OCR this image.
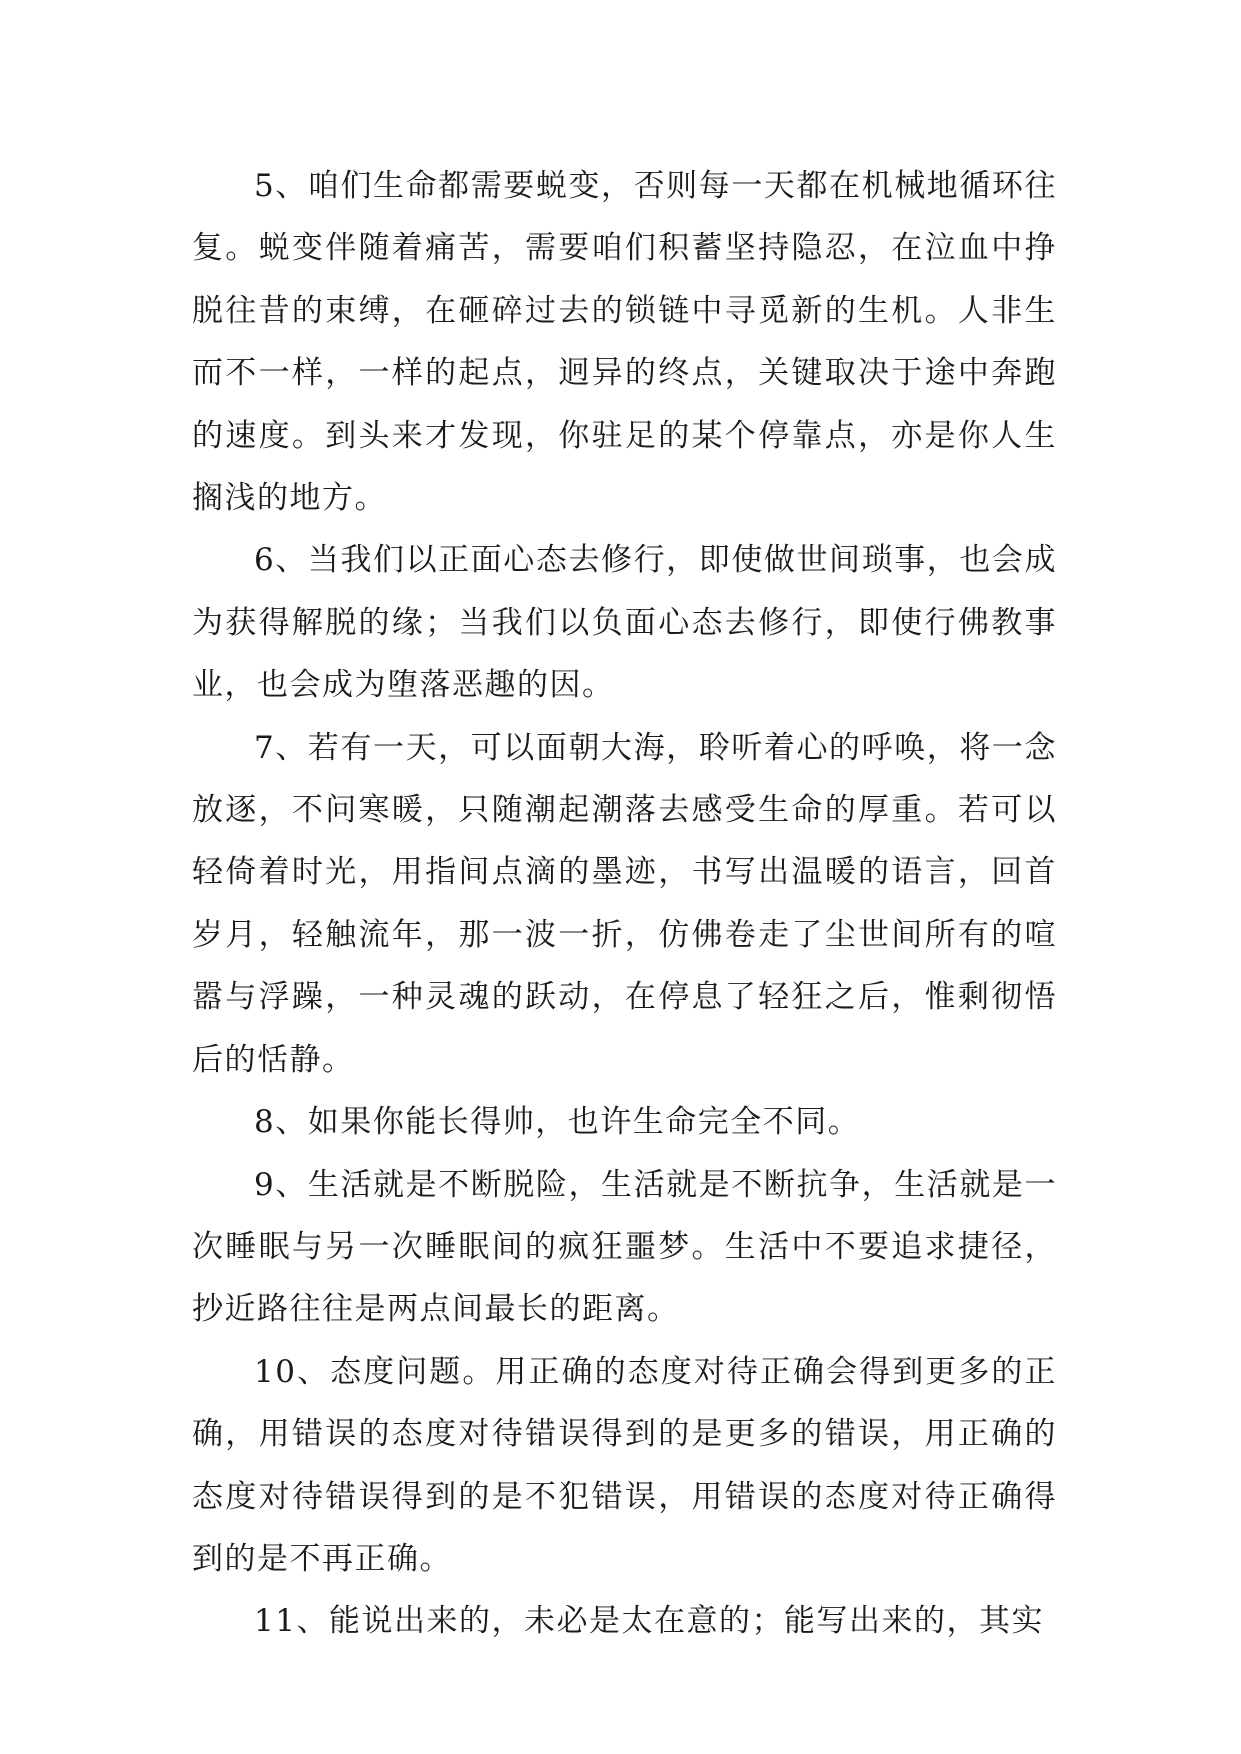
5、咱们生命都需要蜕变，否则每一天都在机械地循环往复。蜕变伴随着痛苦，需要咱们积蓄坚持隐忍，在泣血中挣脱往昔的束缚，在砸碎过去的锁链中寻觅新的生机。人非生而不一样，一样的起点，迥异的终点，关键取决于途中奔跑的速度。到头来才发现，你驻足的某个停靠点，亦是你人生搁浅的地方。

6、当我们以正面心态去修行，即使做世间琐事，也会成为获得解脱的缘；当我们以负面心态去修行，即使行佛教事业，也会成为堕落恶趣的因。

7、若有一天，可以面朝大海，聆听着心的呼唤，将一念放逐，不问寒暖，只随潮起潮落去感受生命的厚重。若可以轻倚着时光，用指间点滴的墨迹，书写出温暖的语言，回首岁月，轻触流年，那一波一折，仿佛卷走了尘世间所有的喧嚣与浮躁，一种灵魂的跃动，在停息了轻狂之后，惟剩彻悟后的恬静。

8、如果你能长得帅，也许生命完全不同。

9、生活就是不断脱险，生活就是不断抗争，生活就是一次睡眠与另一次睡眠间的疯狂噩梦。生活中不要追求捷径，抄近路往往是两点间最长的距离。

10、态度问题。用正确的态度对待正确会得到更多的正确，用错误的态度对待错误得到的是更多的错误，用正确的态度对待错误得到的是不犯错误，用错误的态度对待正确得到的是不再正确。

11、能说出来的，未必是太在意的；能写出来的，其实
